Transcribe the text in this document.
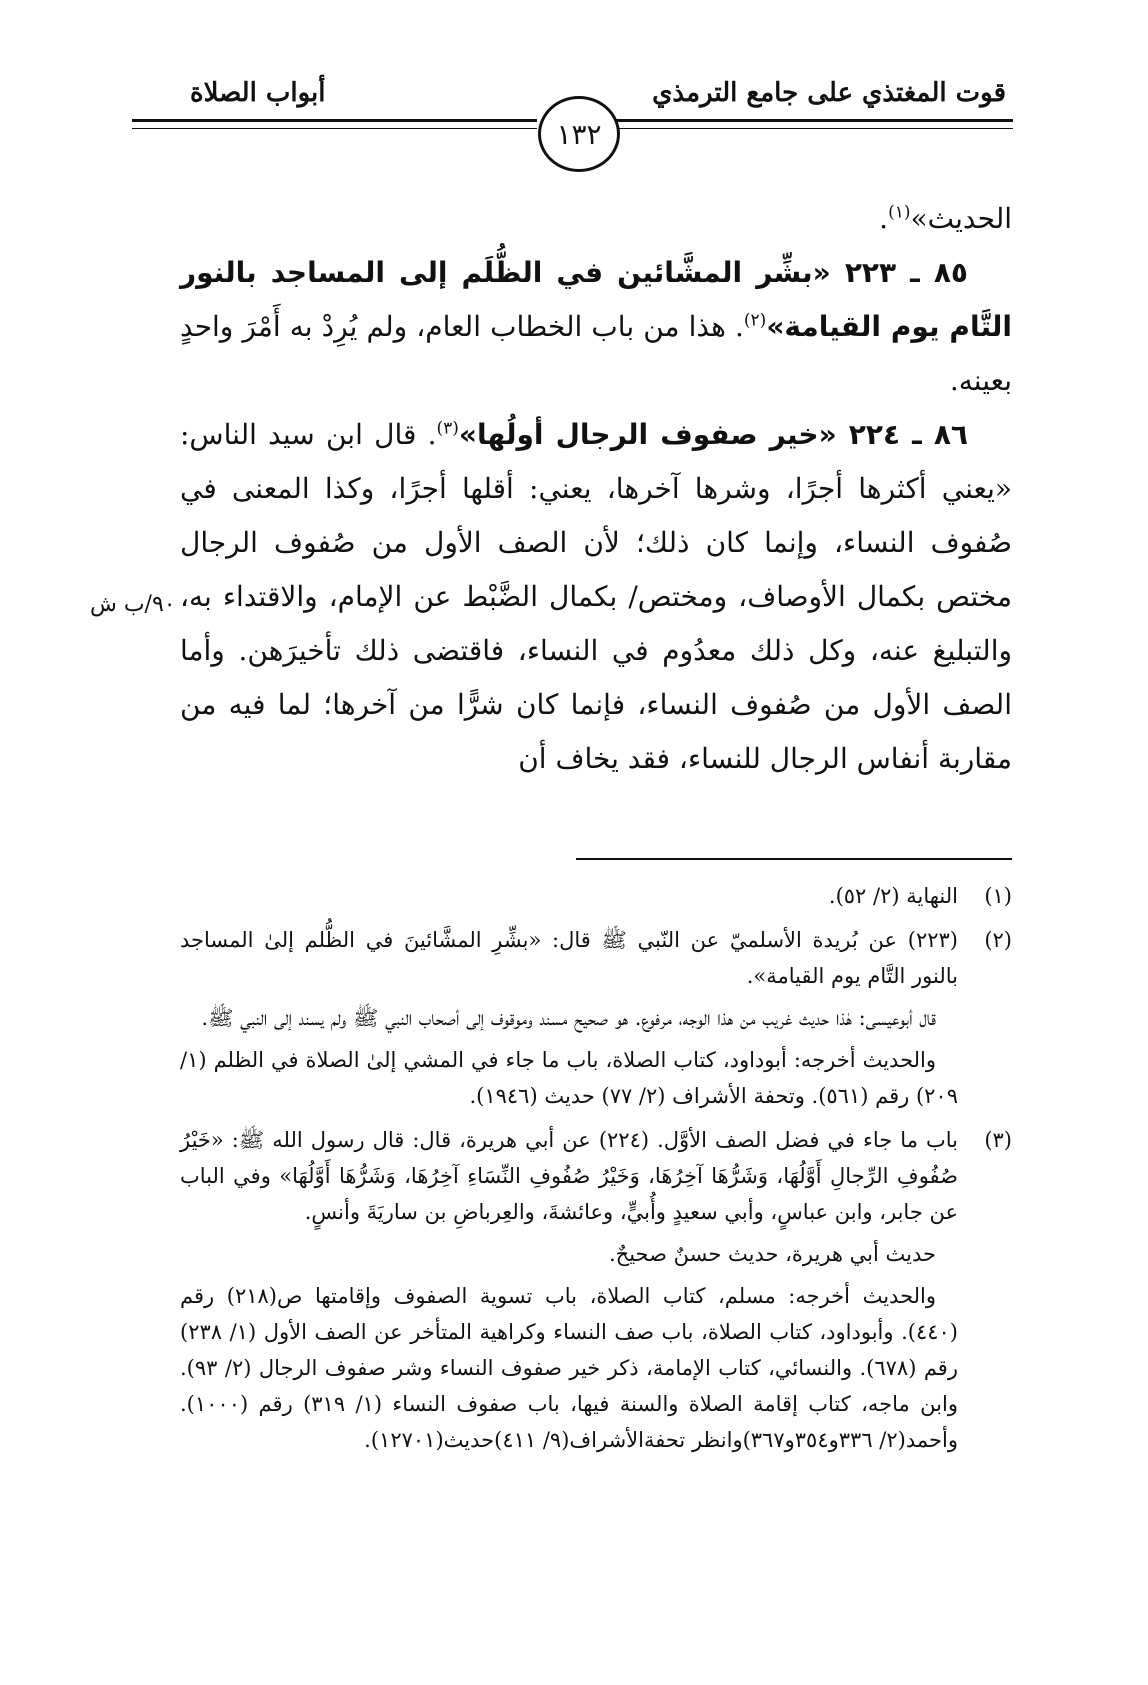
قوت المغتذي على جامع الترمذي
أبواب الصلاة
١٣٢

الحديث»$^{(١)}$.

٨٥ ـ ٢٢٣ «بشِّر المشَّائين في الظُّلَم إلى المساجد بالنور التَّام يوم القيامة»$^{(٢)}$. هذا من باب الخطاب العام، ولم يُرِدْ به أَمْرَ واحدٍ بعينه.

٨٦ ـ ٢٢٤ «خير صفوف الرجال أولُها»$^{(٣)}$. قال ابن سيد الناس: «يعني أكثرها أجرًا، وشرها آخرها، يعني: أقلها أجرًا، وكذا المعنى في صُفوف النساء، وإنما كان ذلك؛ لأن الصف الأول من صُفوف الرجال مختص بكمال الأوصاف، ومختص/ بكمال الضَّبْط عن الإمام، والاقتداء به، والتبليغ عنه، وكل ذلك معدُوم في النساء، فاقتضى ذلك تأخيرَهن. وأما الصف الأول من صُفوف النساء، فإنما كان شرًّا من آخرها؛ لما فيه من مقاربة أنفاس الرجال للنساء، فقد يخاف أن

٩٠/ب ش
(١)

النهاية (٢/ ٥٢).

(٢)

(٢٢٣) عن بُريدة الأسلميّ عن النّبي ﷺ قال: «بشِّرِ المشَّائينَ في الظُّلم إلىٰ المساجد بالنور التَّام يوم القيامة».

قال أبوعيسى: هٰذا حديث غريب من هذا الوجه، مرفوع. هو صحيح مسند وموقوف إلى أصحاب النبي ﷺ ولم يسند إلى النبي ﷺ.

والحديث أخرجه: أبوداود، كتاب الصلاة، باب ما جاء في المشي إلىٰ الصلاة في الظلم (١/ ٢٠٩) رقم (٥٦١). وتحفة الأشراف (٢/ ٧٧) حديث (١٩٤٦).

(٣)

باب ما جاء في فضل الصف الأوَّل. (٢٢٤) عن أبي هريرة، قال: قال رسول الله ﷺ: «خَيْرُ صُفُوفِ الرِّجالِ أَوَّلُهَا، وَشَرُّهَا آخِرُهَا، وَخَيْرُ صُفُوفِ النِّسَاءِ آخِرُهَا، وَشَرُّهَا أَوَّلُهَا» وفي الباب عن جابر، وابن عباسٍ، وأبي سعيدٍ وأُبيٍّ، وعائشةَ، والعِرباضِ بن ساريَةَ وأنسٍ.

حديث أبي هريرة، حديث حسنٌ صحيحٌ.

والحديث أخرجه: مسلم، كتاب الصلاة، باب تسوية الصفوف وإقامتها ص(٢١٨) رقم (٤٤٠). وأبوداود، كتاب الصلاة، باب صف النساء وكراهية المتأخر عن الصف الأول (١/ ٢٣٨) رقم (٦٧٨). والنسائي، كتاب الإمامة، ذكر خير صفوف النساء وشر صفوف الرجال (٢/ ٩٣). وابن ماجه، كتاب إقامة الصلاة والسنة فيها، باب صفوف النساء (١/ ٣١٩) رقم (١٠٠٠). وأحمد(٢/ ٣٣٦و٣٥٤و٣٦٧)وانظر تحفةالأشراف(٩/ ٤١١)حديث(١٢٧٠١).
